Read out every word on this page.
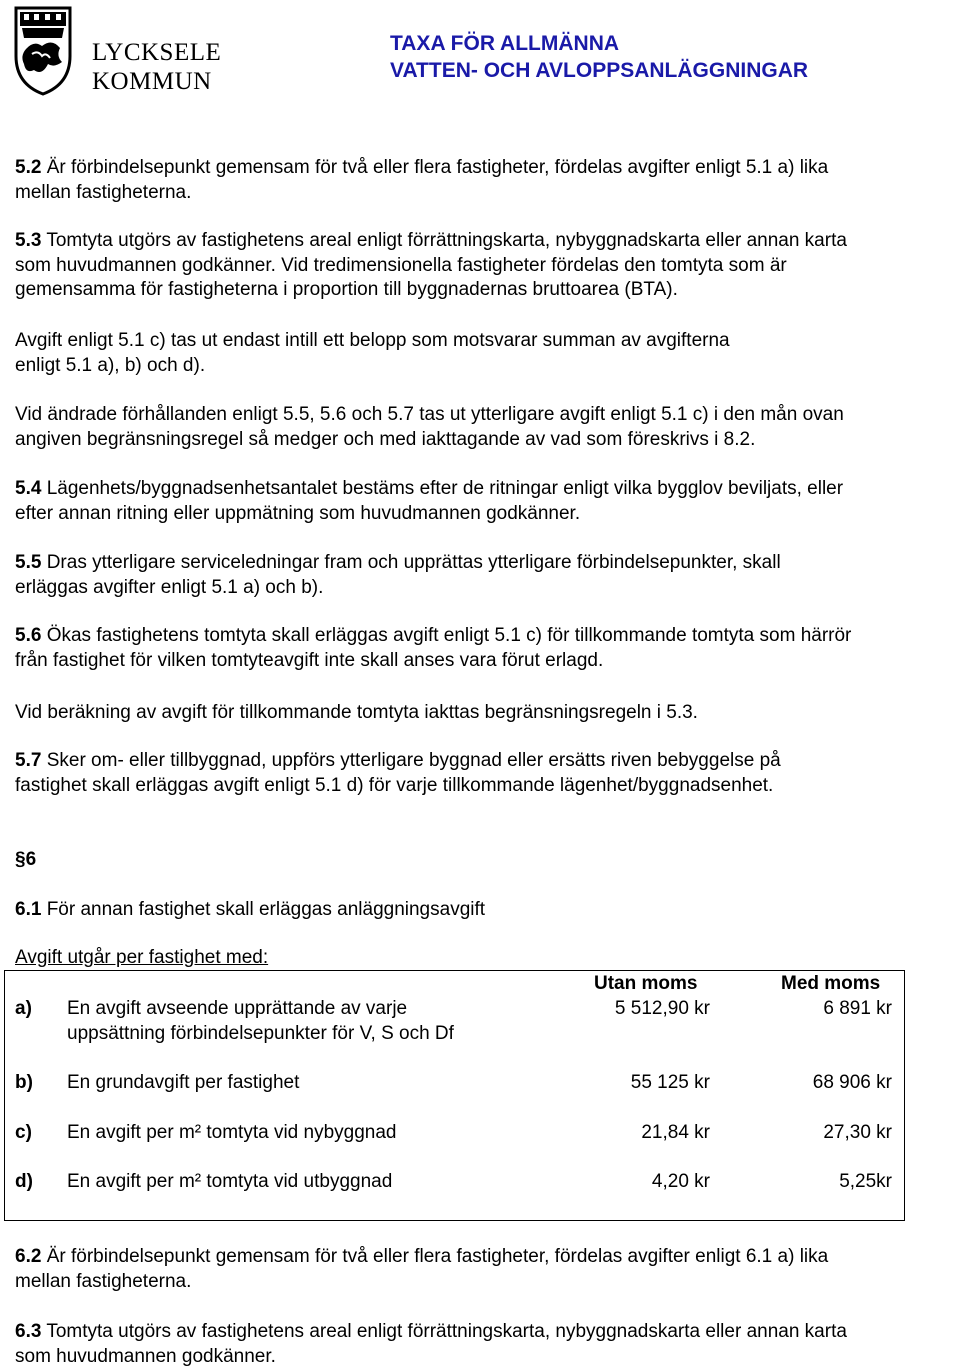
LYCKSELE
KOMMUN
TAXA FÖR ALLMÄNNA
VATTEN- OCH AVLOPPSANLÄGGNINGAR
5.2 Är förbindelsepunkt gemensam för två eller flera fastigheter, fördelas avgifter enligt 5.1 a) lika
mellan fastigheterna.
5.3 Tomtyta utgörs av fastighetens areal enligt förrättningskarta, nybyggnadskarta eller annan karta
som huvudmannen godkänner. Vid tredimensionella fastigheter fördelas den tomtyta som är
gemensamma för fastigheterna i proportion till byggnadernas bruttoarea (BTA).
Avgift enligt 5.1 c) tas ut endast intill ett belopp som motsvarar summan av avgifterna
enligt 5.1 a), b) och d).
Vid ändrade förhållanden enligt 5.5, 5.6 och 5.7 tas ut ytterligare avgift enligt 5.1 c) i den mån ovan
angiven begränsningsregel så medger och med iakttagande av vad som föreskrivs i 8.2.
5.4 Lägenhets/byggnadsenhetsantalet bestäms efter de ritningar enligt vilka bygglov beviljats, eller
efter annan ritning eller uppmätning som huvudmannen godkänner.
5.5 Dras ytterligare serviceledningar fram och upprättas ytterligare förbindelsepunkter, skall
erläggas avgifter enligt 5.1 a) och b).
5.6 Ökas fastighetens tomtyta skall erläggas avgift enligt 5.1 c) för tillkommande tomtyta som härrör
från fastighet för vilken tomtyteavgift inte skall anses vara förut erlagd.
Vid beräkning av avgift för tillkommande tomtyta iakttas begränsningsregeln i 5.3.
5.7 Sker om- eller tillbyggnad, uppförs ytterligare byggnad eller ersätts riven bebyggelse på
fastighet skall erläggas avgift enligt 5.1 d) för varje tillkommande lägenhet/byggnadsenhet.
§6
6.1 För annan fastighet skall erläggas anläggningsavgift
Avgift utgår per fastighet med:
Utan moms	Med moms
a) En avgift avseende upprättande av varje
uppsättning förbindelsepunkter för V, S och Df
5 512,90 kr	6 891 kr
b) En grundavgift per fastighet	55 125 kr	68 906 kr
c) En avgift per m² tomtyta vid nybyggnad	21,84 kr	27,30 kr
d) En avgift per m² tomtyta vid utbyggnad	4,20 kr	5,25kr
6.2 Är förbindelsepunkt gemensam för två eller flera fastigheter, fördelas avgifter enligt 6.1 a) lika
mellan fastigheterna.
6.3 Tomtyta utgörs av fastighetens areal enligt förrättningskarta, nybyggnadskarta eller annan karta
som huvudmannen godkänner.
